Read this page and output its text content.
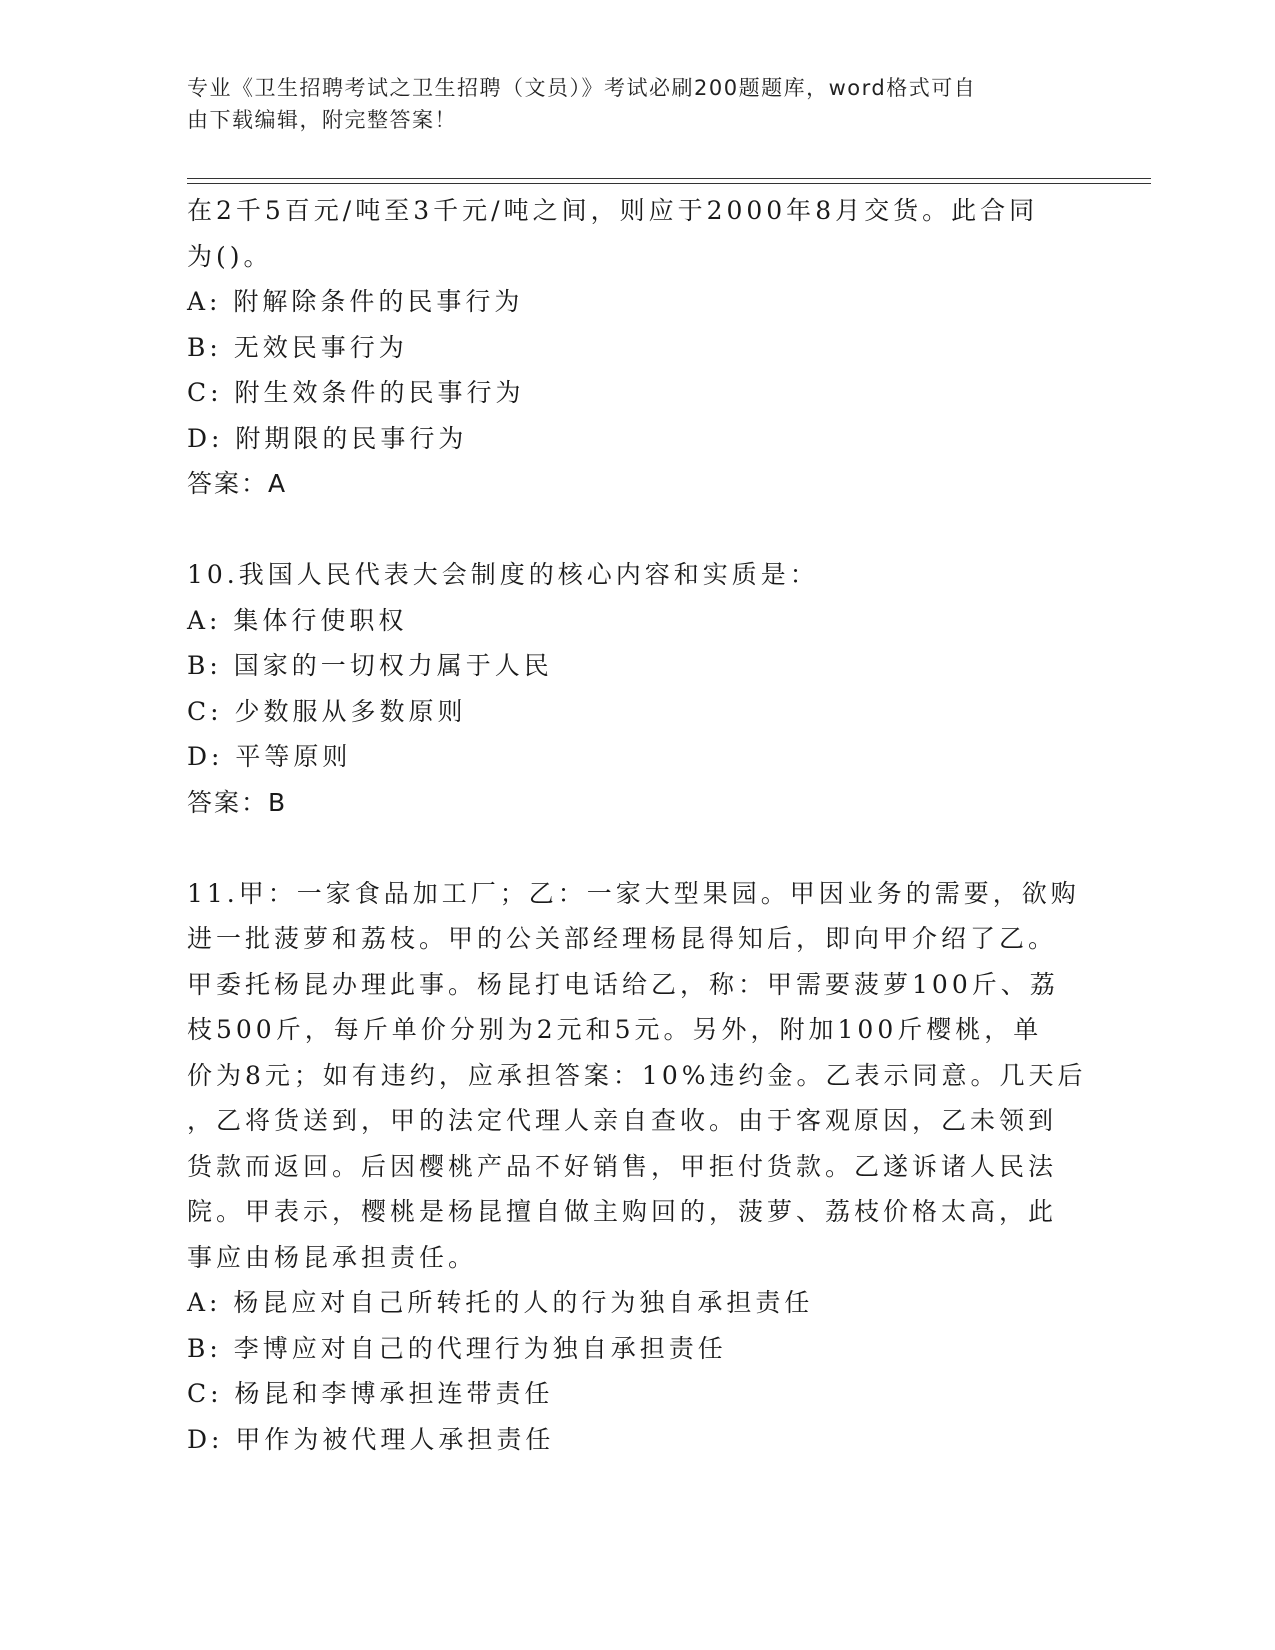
专业《卫生招聘考试之卫生招聘（文员）》考试必刷200题题库，word格式可自
由下载编辑，附完整答案！
在2千5百元/吨至3千元/吨之间，则应于2000年8月交货。此合同
为()。
A: 附解除条件的民事行为
B: 无效民事行为
C: 附生效条件的民事行为
D: 附期限的民事行为
答案：A
10.我国人民代表大会制度的核心内容和实质是：
A: 集体行使职权
B: 国家的一切权力属于人民
C: 少数服从多数原则
D: 平等原则
答案：B
11.甲：一家食品加工厂；乙：一家大型果园。甲因业务的需要，欲购
进一批菠萝和荔枝。甲的公关部经理杨昆得知后，即向甲介绍了乙。
甲委托杨昆办理此事。杨昆打电话给乙，称：甲需要菠萝100斤、荔
枝500斤，每斤单价分别为2元和5元。另外，附加100斤樱桃，单
价为8元；如有违约，应承担答案：10%违约金。乙表示同意。几天后
，乙将货送到，甲的法定代理人亲自查收。由于客观原因，乙未领到
货款而返回。后因樱桃产品不好销售，甲拒付货款。乙遂诉诸人民法
院。甲表示，樱桃是杨昆擅自做主购回的，菠萝、荔枝价格太高，此
事应由杨昆承担责任。
A: 杨昆应对自己所转托的人的行为独自承担责任
B: 李博应对自己的代理行为独自承担责任
C: 杨昆和李博承担连带责任
D: 甲作为被代理人承担责任
